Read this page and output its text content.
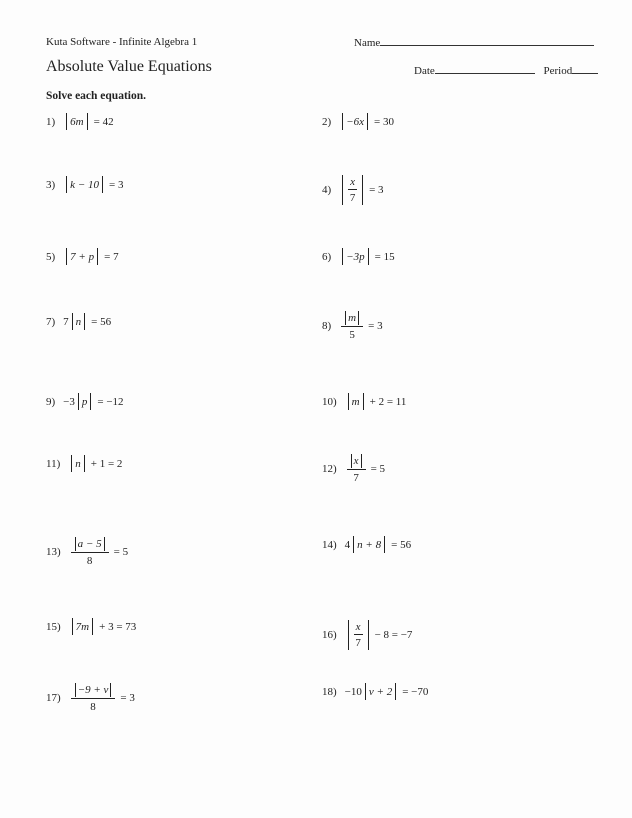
Kuta Software - Infinite Algebra 1	Name
Absolute Value Equations	Date	Period
Solve each equation.
1) 6m = 42	2) −6x = 30
3) k − 10 = 3	$4) \frac{x}{7} = 3$
5) 7 + p = 7	6) −3p = 15
7) 7 n = 56	$8) \frac{m}{5} = 3$
9) −3 p = −12	10) m + 2 = 11
11) n + 1 = 2	$12) \frac{x}{7} = 5$
$13) \frac{a - 5}{8} = 5$
14) 4 n + 8 = 56
15) 7m + 3 = 73
$16) \frac{x}{7} - 8 = -7$
$17) \frac{-9 + v}{8} = 3$
18) −10 v + 2 = −70
